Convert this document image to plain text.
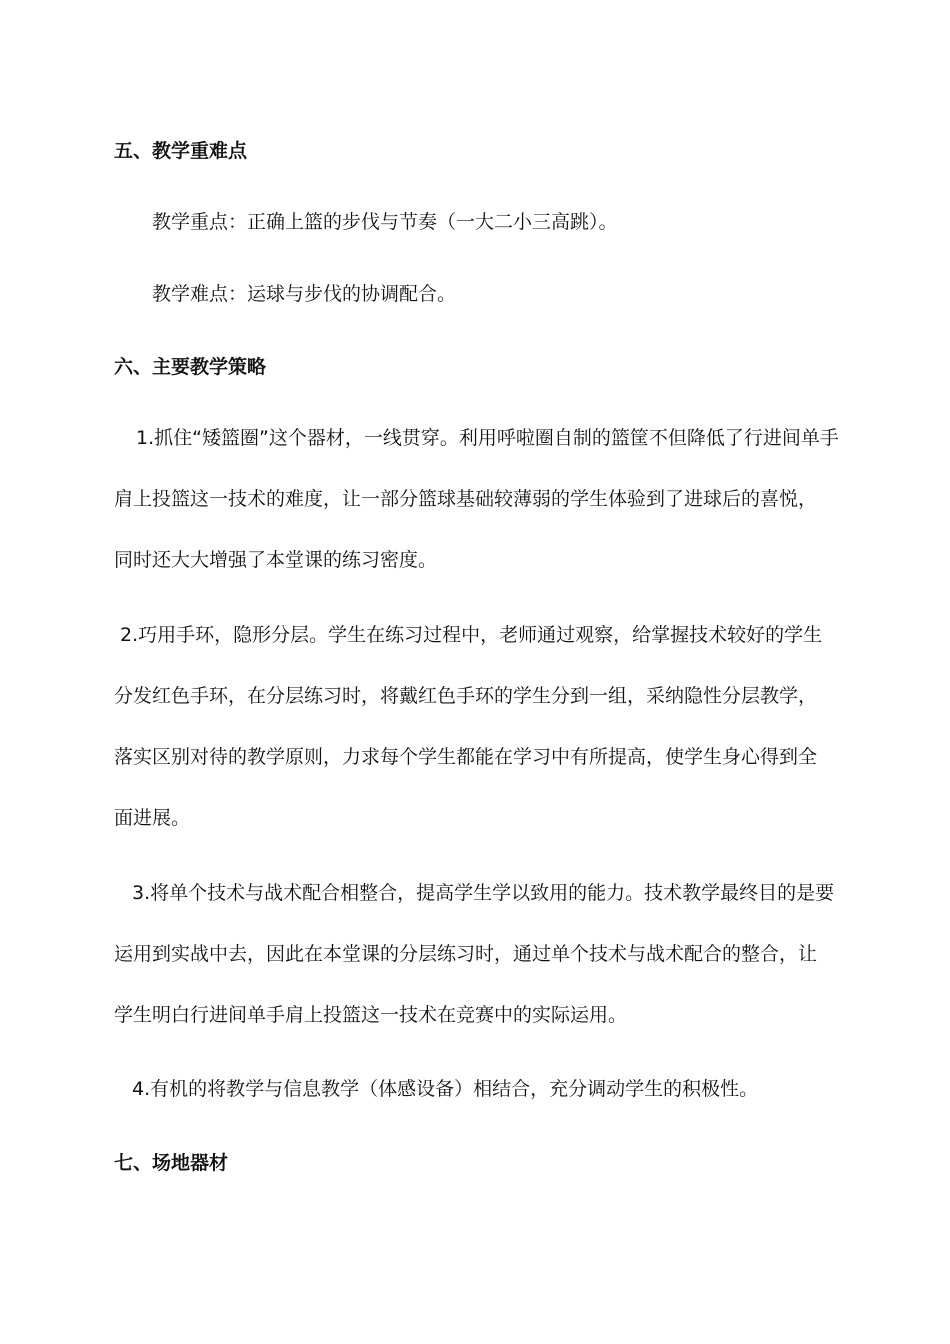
五、教学重难点
教学重点：正确上篮的步伐与节奏（一大二小三高跳）。
教学难点：运球与步伐的协调配合。
六、主要教学策略
1.抓住“矮篮圈”这个器材，一线贯穿。利用呼啦圈自制的篮筐不但降低了行进间单手
肩上投篮这一技术的难度，让一部分篮球基础较薄弱的学生体验到了进球后的喜悦，
同时还大大增强了本堂课的练习密度。
2.巧用手环，隐形分层。学生在练习过程中，老师通过观察，给掌握技术较好的学生
分发红色手环，在分层练习时，将戴红色手环的学生分到一组，采纳隐性分层教学，
落实区别对待的教学原则，力求每个学生都能在学习中有所提高，使学生身心得到全
面进展。
3.将单个技术与战术配合相整合，提高学生学以致用的能力。技术教学最终目的是要
运用到实战中去，因此在本堂课的分层练习时，通过单个技术与战术配合的整合，让
学生明白行进间单手肩上投篮这一技术在竞赛中的实际运用。
4.有机的将教学与信息教学（体感设备）相结合，充分调动学生的积极性。
七、场地器材
